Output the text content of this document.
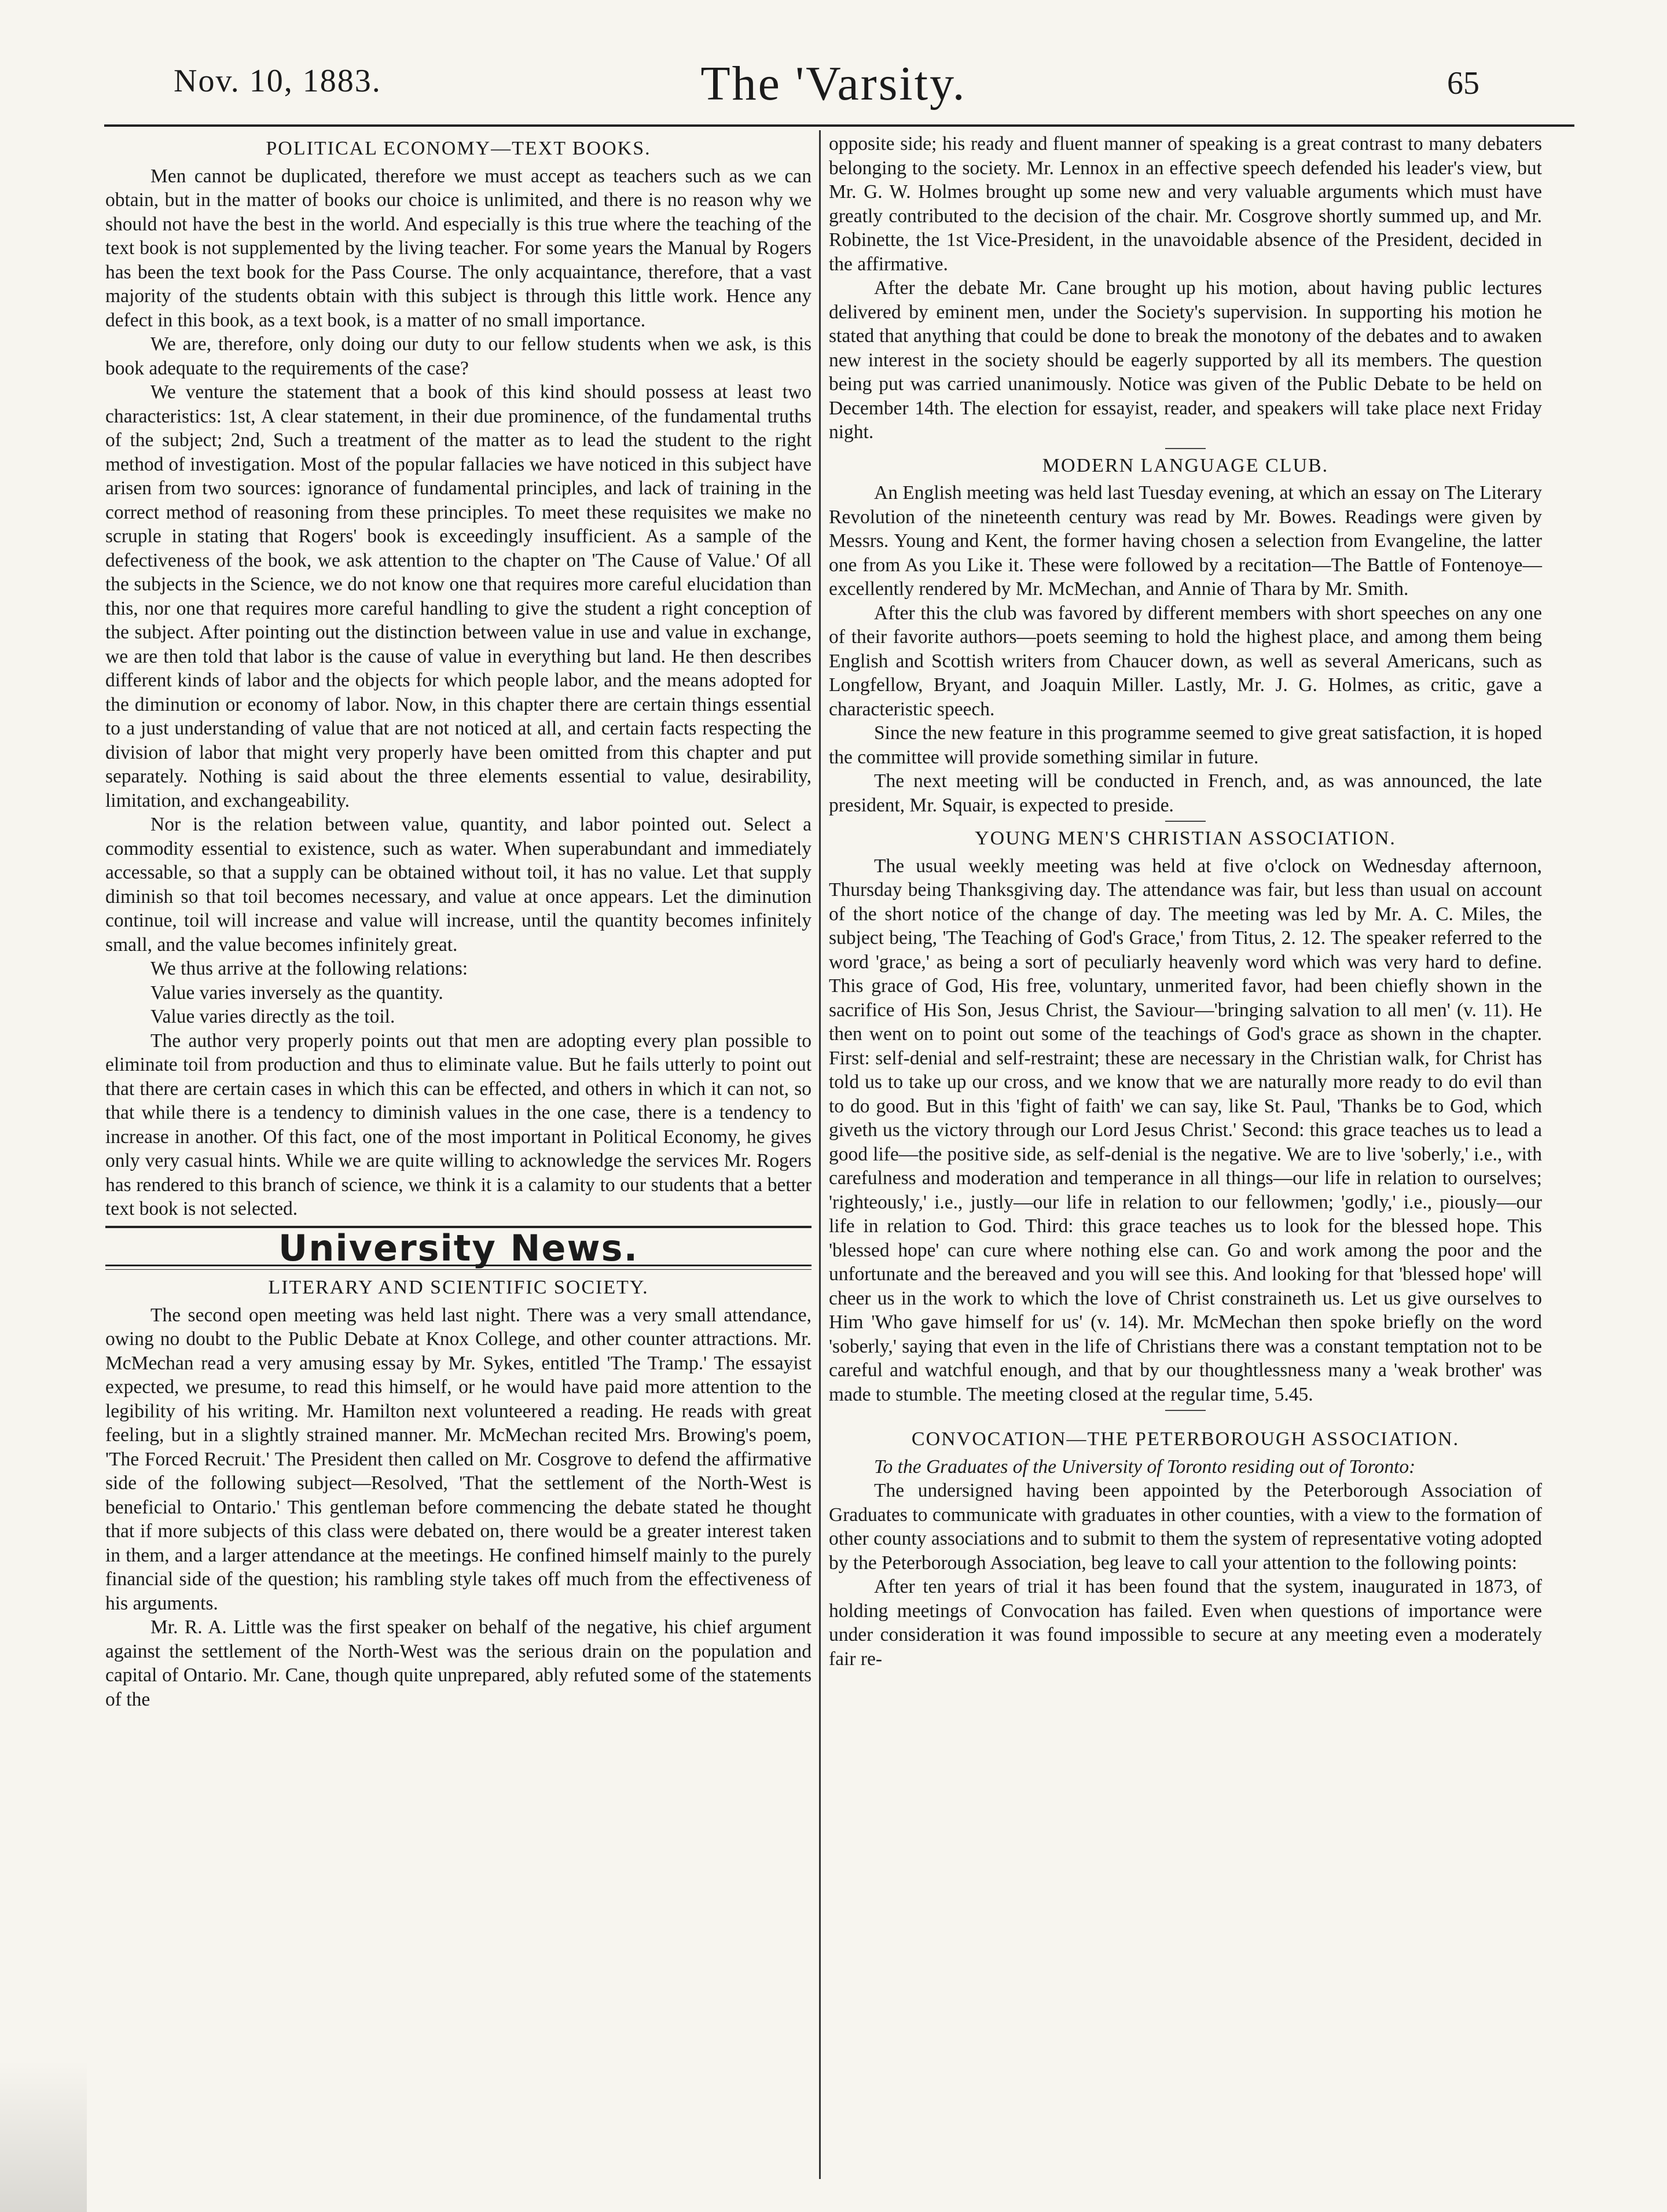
Nov. 10, 1883.	The 'Varsity.	65
POLITICAL ECONOMY—TEXT BOOKS.

Men cannot be duplicated, therefore we must accept as teachers such as we can obtain, but in the matter of books our choice is unlimited, and there is no reason why we should not have the best in the world. And especially is this true where the teaching of the text book is not supplemented by the living teacher. For some years the Manual by Rogers has been the text book for the Pass Course. The only acquaintance, therefore, that a vast majority of the students obtain with this subject is through this little work. Hence any defect in this book, as a text book, is a matter of no small importance.

We are, therefore, only doing our duty to our fellow students when we ask, is this book adequate to the requirements of the case?

We venture the statement that a book of this kind should possess at least two characteristics: 1st, A clear statement, in their due prominence, of the fundamental truths of the subject; 2nd, Such a treatment of the matter as to lead the student to the right method of investigation. Most of the popular fallacies we have noticed in this subject have arisen from two sources: ignorance of fundamental principles, and lack of training in the correct method of reasoning from these principles. To meet these requisites we make no scruple in stating that Rogers' book is exceedingly insufficient. As a sample of the defectiveness of the book, we ask attention to the chapter on 'The Cause of Value.' Of all the subjects in the Science, we do not know one that requires more careful elucidation than this, nor one that requires more careful handling to give the student a right conception of the subject. After pointing out the distinction between value in use and value in exchange, we are then told that labor is the cause of value in everything but land. He then describes different kinds of labor and the objects for which people labor, and the means adopted for the diminution or economy of labor. Now, in this chapter there are certain things essential to a just understanding of value that are not noticed at all, and certain facts respecting the division of labor that might very properly have been omitted from this chapter and put separately. Nothing is said about the three elements essential to value, desirability, limitation, and exchangeability.

Nor is the relation between value, quantity, and labor pointed out. Select a commodity essential to existence, such as water. When superabundant and immediately accessable, so that a supply can be obtained without toil, it has no value. Let that supply diminish so that toil becomes necessary, and value at once appears. Let the diminution continue, toil will increase and value will increase, until the quantity becomes infinitely small, and the value becomes infinitely great.

We thus arrive at the following relations:

Value varies inversely as the quantity.

Value varies directly as the toil.

The author very properly points out that men are adopting every plan possible to eliminate toil from production and thus to eliminate value. But he fails utterly to point out that there are certain cases in which this can be effected, and others in which it can not, so that while there is a tendency to diminish values in the one case, there is a tendency to increase in another. Of this fact, one of the most important in Political Economy, he gives only very casual hints. While we are quite willing to acknowledge the services Mr. Rogers has rendered to this branch of science, we think it is a calamity to our students that a better text book is not selected.

University News.
LITERARY AND SCIENTIFIC SOCIETY.

The second open meeting was held last night. There was a very small attendance, owing no doubt to the Public Debate at Knox College, and other counter attractions. Mr. McMechan read a very amusing essay by Mr. Sykes, entitled 'The Tramp.' The essayist expected, we presume, to read this himself, or he would have paid more attention to the legibility of his writing. Mr. Hamilton next volunteered a reading. He reads with great feeling, but in a slightly strained manner. Mr. McMechan recited Mrs. Browing's poem, 'The Forced Recruit.' The President then called on Mr. Cosgrove to defend the affirmative side of the following subject—Resolved, 'That the settlement of the North-West is beneficial to Ontario.' This gentleman before commencing the debate stated he thought that if more subjects of this class were debated on, there would be a greater interest taken in them, and a larger attendance at the meetings. He confined himself mainly to the purely financial side of the question; his rambling style takes off much from the effectiveness of his arguments.

Mr. R. A. Little was the first speaker on behalf of the negative, his chief argument against the settlement of the North-West was the serious drain on the population and capital of Ontario. Mr. Cane, though quite unprepared, ably refuted some of the statements of the

opposite side; his ready and fluent manner of speaking is a great contrast to many debaters belonging to the society. Mr. Lennox in an effective speech defended his leader's view, but Mr. G. W. Holmes brought up some new and very valuable arguments which must have greatly contributed to the decision of the chair. Mr. Cosgrove shortly summed up, and Mr. Robinette, the 1st Vice-President, in the unavoidable absence of the President, decided in the affirmative.

After the debate Mr. Cane brought up his motion, about having public lectures delivered by eminent men, under the Society's supervision. In supporting his motion he stated that anything that could be done to break the monotony of the debates and to awaken new interest in the society should be eagerly supported by all its members. The question being put was carried unanimously. Notice was given of the Public Debate to be held on December 14th. The election for essayist, reader, and speakers will take place next Friday night.

MODERN LANGUAGE CLUB.

An English meeting was held last Tuesday evening, at which an essay on The Literary Revolution of the nineteenth century was read by Mr. Bowes. Readings were given by Messrs. Young and Kent, the former having chosen a selection from Evangeline, the latter one from As you Like it. These were followed by a recitation—The Battle of Fontenoye—excellently rendered by Mr. McMechan, and Annie of Thara by Mr. Smith.

After this the club was favored by different members with short speeches on any one of their favorite authors—poets seeming to hold the highest place, and among them being English and Scottish writers from Chaucer down, as well as several Americans, such as Longfellow, Bryant, and Joaquin Miller. Lastly, Mr. J. G. Holmes, as critic, gave a characteristic speech.

Since the new feature in this programme seemed to give great satisfaction, it is hoped the committee will provide something similar in future.

The next meeting will be conducted in French, and, as was announced, the late president, Mr. Squair, is expected to preside.

YOUNG MEN'S CHRISTIAN ASSOCIATION.

The usual weekly meeting was held at five o'clock on Wednesday afternoon, Thursday being Thanksgiving day. The attendance was fair, but less than usual on account of the short notice of the change of day. The meeting was led by Mr. A. C. Miles, the subject being, 'The Teaching of God's Grace,' from Titus, 2. 12. The speaker referred to the word 'grace,' as being a sort of peculiarly heavenly word which was very hard to define. This grace of God, His free, voluntary, unmerited favor, had been chiefly shown in the sacrifice of His Son, Jesus Christ, the Saviour—'bringing salvation to all men' (v. 11). He then went on to point out some of the teachings of God's grace as shown in the chapter. First: self-denial and self-restraint; these are necessary in the Christian walk, for Christ has told us to take up our cross, and we know that we are naturally more ready to do evil than to do good. But in this 'fight of faith' we can say, like St. Paul, 'Thanks be to God, which giveth us the victory through our Lord Jesus Christ.' Second: this grace teaches us to lead a good life—the positive side, as self-denial is the negative. We are to live 'soberly,' i.e., with carefulness and moderation and temperance in all things—our life in relation to ourselves; 'righteously,' i.e., justly—our life in relation to our fellowmen; 'godly,' i.e., piously—our life in relation to God. Third: this grace teaches us to look for the blessed hope. This 'blessed hope' can cure where nothing else can. Go and work among the poor and the unfortunate and the bereaved and you will see this. And looking for that 'blessed hope' will cheer us in the work to which the love of Christ constraineth us. Let us give ourselves to Him 'Who gave himself for us' (v. 14). Mr. McMechan then spoke briefly on the word 'soberly,' saying that even in the life of Christians there was a constant temptation not to be careful and watchful enough, and that by our thoughtlessness many a 'weak brother' was made to stumble. The meeting closed at the regular time, 5.45.

CONVOCATION—THE PETERBOROUGH ASSOCIATION.

To the Graduates of the University of Toronto residing out of Toronto:

The undersigned having been appointed by the Peterborough Association of Graduates to communicate with graduates in other counties, with a view to the formation of other county associations and to submit to them the system of representative voting adopted by the Peterborough Association, beg leave to call your attention to the following points:

After ten years of trial it has been found that the system, inaugurated in 1873, of holding meetings of Convocation has failed. Even when questions of importance were under consideration it was found impossible to secure at any meeting even a moderately fair re-
